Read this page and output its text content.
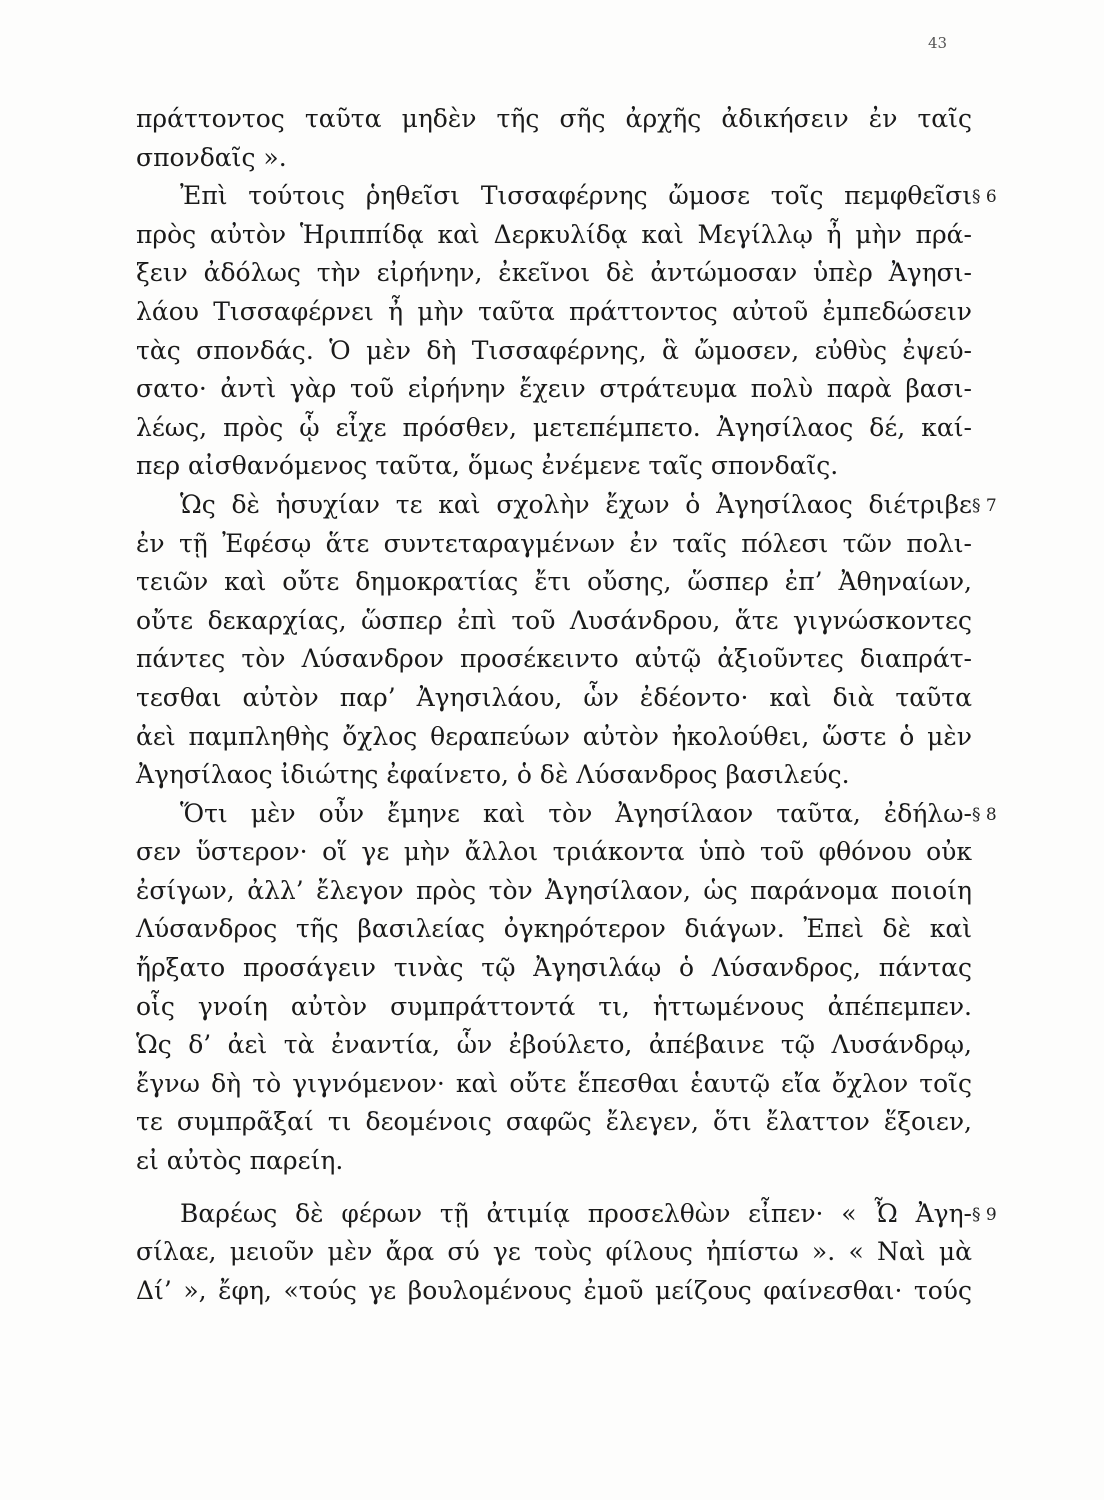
43
πράττοντος ταῦτα μηδὲν τῆς σῆς ἀρχῆς ἀδικήσειν ἐν ταῖς
σπονδαῖς ».
Ἐπὶ τούτοις ῥηθεῖσι Τισσαφέρνης ὤμοσε τοῖς πεμφθεῖσι
πρὸς αὐτὸν Ἡριππίδᾳ καὶ Δερκυλίδᾳ καὶ Μεγίλλῳ ἦ μὴν πρά-
ξειν ἀδόλως τὴν εἰρήνην, ἐκεῖνοι δὲ ἀντώμοσαν ὑπὲρ Ἀγησι-
λάου Τισσαφέρνει ἦ μὴν ταῦτα πράττοντος αὐτοῦ ἐμπεδώσειν
τὰς σπονδάς. Ὁ μὲν δὴ Τισσαφέρνης, ἃ ὤμοσεν, εὐθὺς ἐψεύ-
σατο· ἀντὶ γὰρ τοῦ εἰρήνην ἔχειν στράτευμα πολὺ παρὰ βασι-
λέως, πρὸς ᾧ εἶχε πρόσθεν, μετεπέμπετο. Ἀγησίλαος δέ, καί-
περ αἰσθανόμενος ταῦτα, ὅμως ἐνέμενε ταῖς σπονδαῖς.
Ὡς δὲ ἡσυχίαν τε καὶ σχολὴν ἔχων ὁ Ἀγησίλαος διέτριβε
ἐν τῇ Ἐφέσῳ ἅτε συντεταραγμένων ἐν ταῖς πόλεσι τῶν πολι-
τειῶν καὶ οὔτε δημοκρατίας ἔτι οὔσης, ὥσπερ ἐπ’ Ἀθηναίων,
οὔτε δεκαρχίας, ὥσπερ ἐπὶ τοῦ Λυσάνδρου, ἅτε γιγνώσκοντες
πάντες τὸν Λύσανδρον προσέκειντο αὐτῷ ἀξιοῦντες διαπράτ-
τεσθαι αὐτὸν παρ’ Ἀγησιλάου, ὧν ἐδέοντο· καὶ διὰ ταῦτα
ἀεὶ παμπληθὴς ὄχλος θεραπεύων αὐτὸν ἠκολούθει, ὥστε ὁ μὲν
Ἀγησίλαος ἰδιώτης ἐφαίνετο, ὁ δὲ Λύσανδρος βασιλεύς.
Ὅτι μὲν οὖν ἔμηνε καὶ τὸν Ἀγησίλαον ταῦτα, ἐδήλω-
σεν ὕστερον· οἵ γε μὴν ἄλλοι τριάκοντα ὑπὸ τοῦ φθόνου οὐκ
ἐσίγων, ἀλλ’ ἔλεγον πρὸς τὸν Ἀγησίλαον, ὡς παράνομα ποιοίη
Λύσανδρος τῆς βασιλείας ὀγκηρότερον διάγων. Ἐπεὶ δὲ καὶ
ἤρξατο προσάγειν τινὰς τῷ Ἀγησιλάῳ ὁ Λύσανδρος, πάντας
οἷς γνοίη αὐτὸν συμπράττοντά τι, ἡττωμένους ἀπέπεμπεν.
Ὡς δ’ ἀεὶ τὰ ἐναντία, ὧν ἐβούλετο, ἀπέβαινε τῷ Λυσάνδρῳ,
ἔγνω δὴ τὸ γιγνόμενον· καὶ οὔτε ἕπεσθαι ἑαυτῷ εἴα ὄχλον τοῖς
τε συμπρᾶξαί τι δεομένοις σαφῶς ἔλεγεν, ὅτι ἔλαττον ἕξοιεν,
εἰ αὐτὸς παρείη.
Βαρέως δὲ φέρων τῇ ἀτιμίᾳ προσελθὼν εἶπεν· « Ὦ Ἀγη-
σίλαε, μειοῦν μὲν ἄρα σύ γε τοὺς φίλους ἠπίστω ». « Ναὶ μὰ
Δί’ », ἔφη, «τούς γε βουλομένους ἐμοῦ μείζους φαίνεσθαι· τούς
§ 6
§ 7
§ 8
§ 9
